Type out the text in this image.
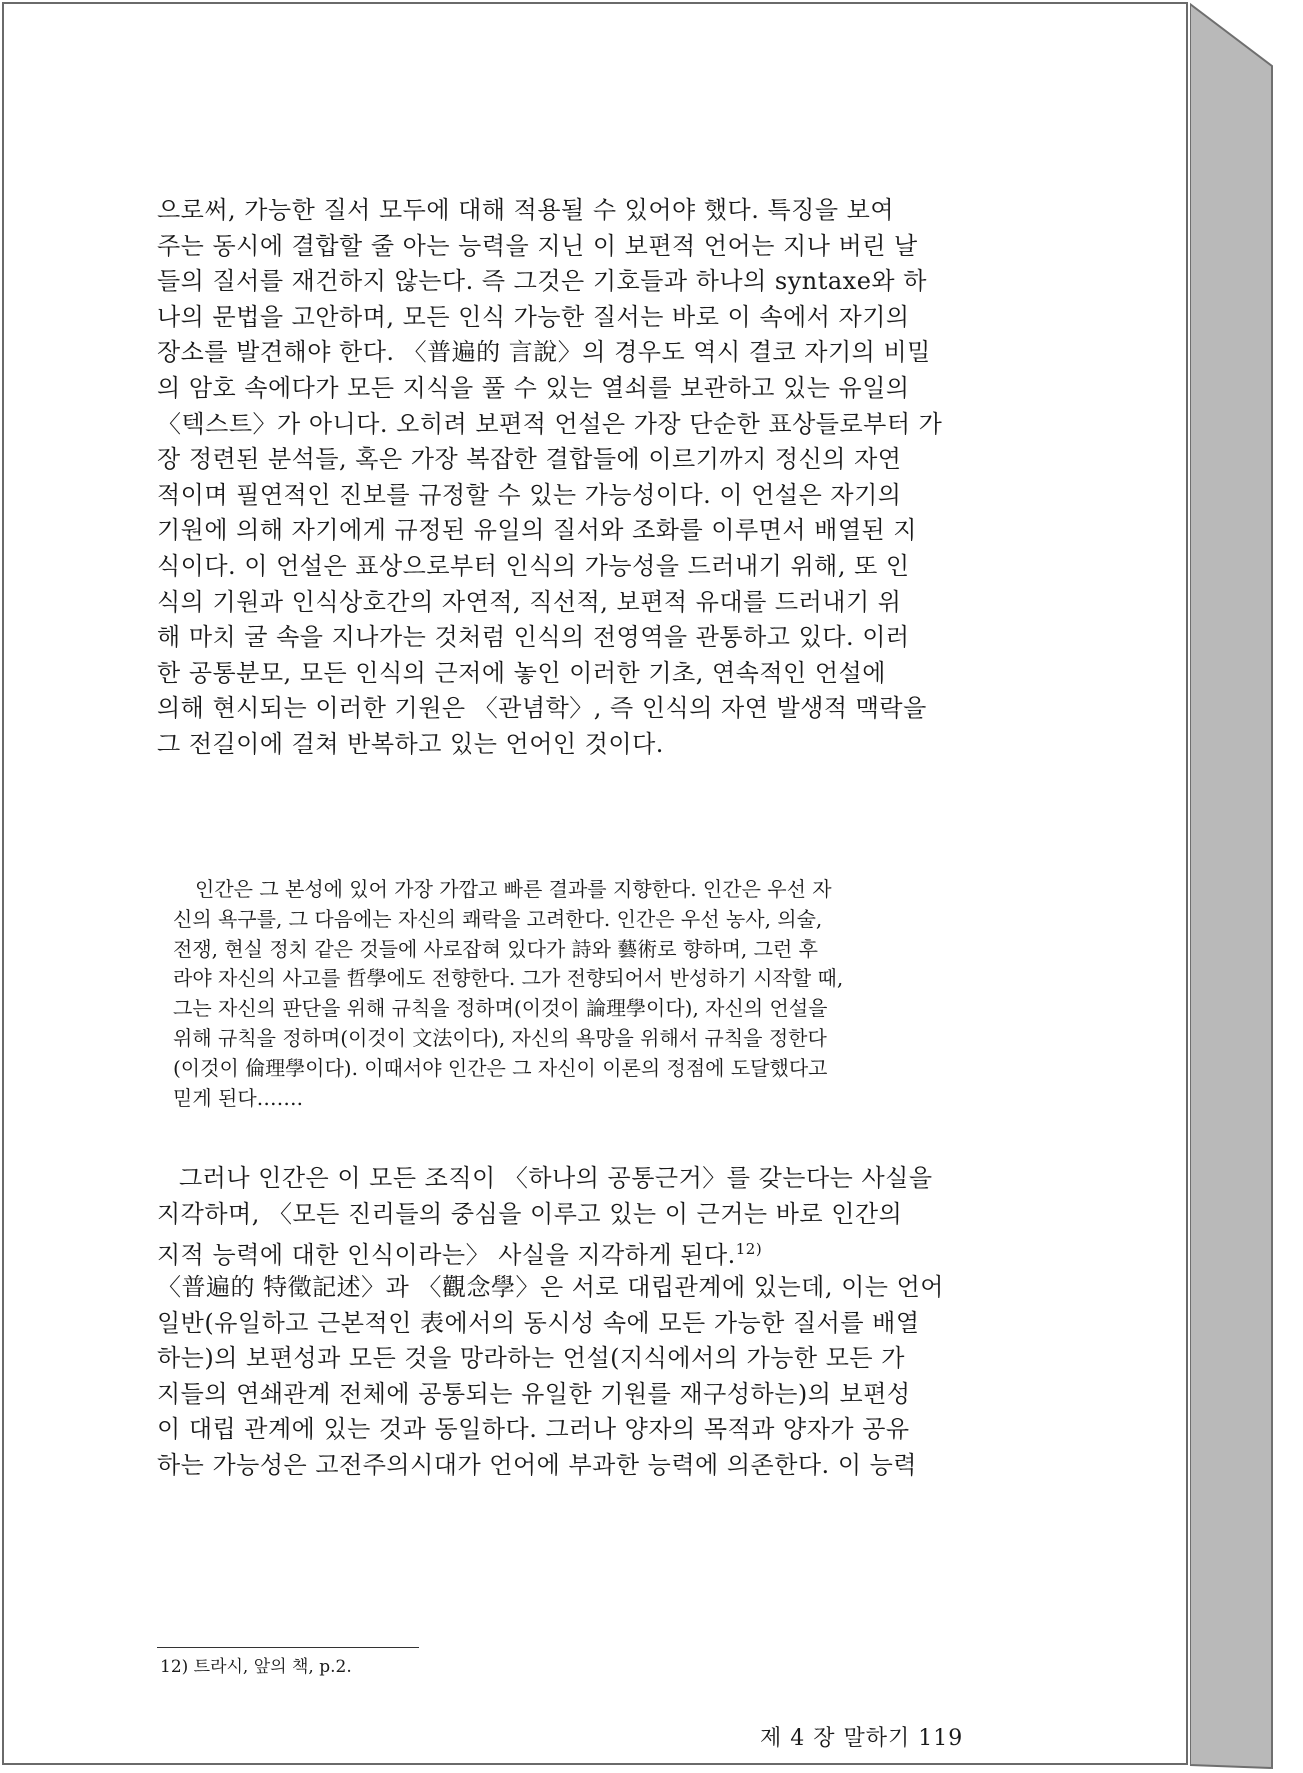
으로써, 가능한 질서 모두에 대해 적용될 수 있어야 했다. 특징을 보여
주는 동시에 결합할 줄 아는 능력을 지닌 이 보편적 언어는 지나 버린 날
들의 질서를 재건하지 않는다. 즉 그것은 기호들과 하나의 syntaxe와 하
나의 문법을 고안하며, 모든 인식 가능한 질서는 바로 이 속에서 자기의
장소를 발견해야 한다. 〈普遍的 言說〉의 경우도 역시 결코 자기의 비밀
의 암호 속에다가 모든 지식을 풀 수 있는 열쇠를 보관하고 있는 유일의
〈텍스트〉가 아니다. 오히려 보편적 언설은 가장 단순한 표상들로부터 가
장 정련된 분석들, 혹은 가장 복잡한 결합들에 이르기까지 정신의 자연
적이며 필연적인 진보를 규정할 수 있는 가능성이다. 이 언설은 자기의
기원에 의해 자기에게 규정된 유일의 질서와 조화를 이루면서 배열된 지
식이다. 이 언설은 표상으로부터 인식의 가능성을 드러내기 위해, 또 인
식의 기원과 인식상호간의 자연적, 직선적, 보편적 유대를 드러내기 위
해 마치 굴 속을 지나가는 것처럼 인식의 전영역을 관통하고 있다. 이러
한 공통분모, 모든 인식의 근저에 놓인 이러한 기초, 연속적인 언설에
의해 현시되는 이러한 기원은 〈관념학〉, 즉 인식의 자연 발생적 맥락을
그 전길이에 걸쳐 반복하고 있는 언어인 것이다.
인간은 그 본성에 있어 가장 가깝고 빠른 결과를 지향한다. 인간은 우선 자
신의 욕구를, 그 다음에는 자신의 쾌락을 고려한다. 인간은 우선 농사, 의술,
전쟁, 현실 정치 같은 것들에 사로잡혀 있다가 詩와 藝術로 향하며, 그런 후
라야 자신의 사고를 哲學에도 전향한다. 그가 전향되어서 반성하기 시작할 때,
그는 자신의 판단을 위해 규칙을 정하며(이것이 論理學이다), 자신의 언설을
위해 규칙을 정하며(이것이 文法이다), 자신의 욕망을 위해서 규칙을 정한다
(이것이 倫理學이다). 이때서야 인간은 그 자신이 이론의 정점에 도달했다고
믿게 된다…….
그러나 인간은 이 모든 조직이 〈하나의 공통근거〉를 갖는다는 사실을
지각하며, 〈모든 진리들의 중심을 이루고 있는 이 근거는 바로 인간의
지적 능력에 대한 인식이라는〉 사실을 지각하게 된다.$^{12)}$
〈普遍的 特徵記述〉과 〈觀念學〉은 서로 대립관계에 있는데, 이는 언어
일반(유일하고 근본적인 表에서의 동시성 속에 모든 가능한 질서를 배열
하는)의 보편성과 모든 것을 망라하는 언설(지식에서의 가능한 모든 가
지들의 연쇄관계 전체에 공통되는 유일한 기원를 재구성하는)의 보편성
이 대립 관계에 있는 것과 동일하다. 그러나 양자의 목적과 양자가 공유
하는 가능성은 고전주의시대가 언어에 부과한 능력에 의존한다. 이 능력

12) 트라시, 앞의 책, p.2.

제 4 장 말하기 119
